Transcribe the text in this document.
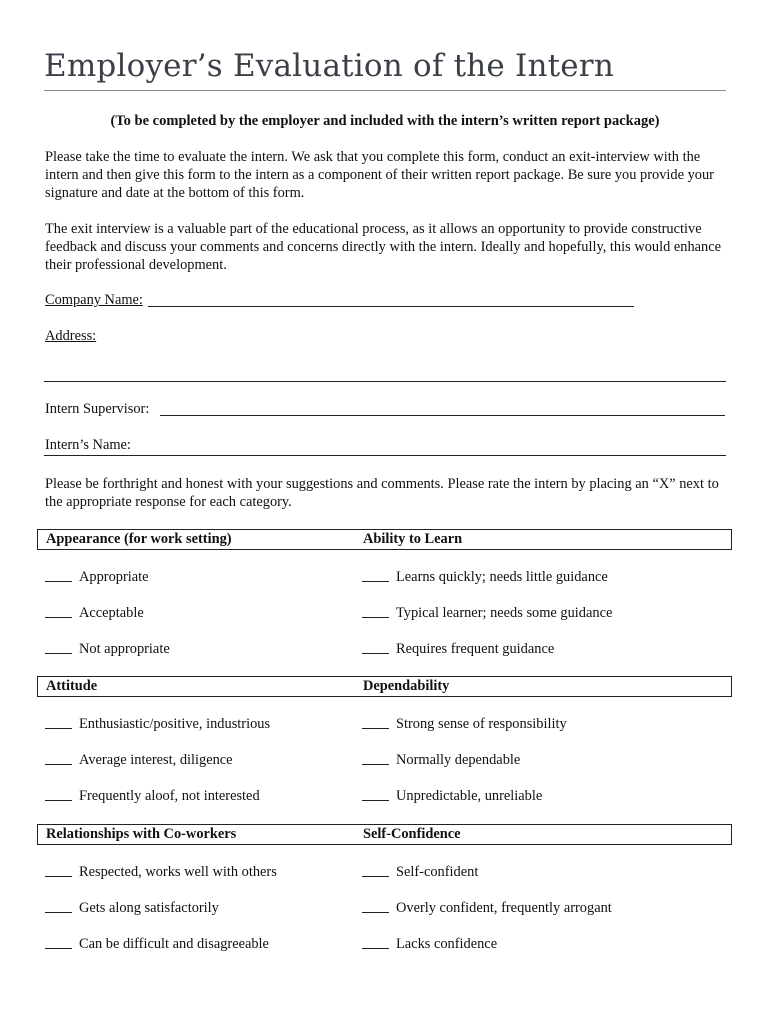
Employer’s Evaluation of the Intern
(To be completed by the employer and included with the intern’s written report package)
Please take the time to evaluate the intern. We ask that you complete this form, conduct an exit-interview with the intern and then give this form to the intern as a component of their written report package. Be sure you provide your signature and date at the bottom of this form.
The exit interview is a valuable part of the educational process, as it allows an opportunity to provide constructive feedback and discuss your comments and concerns directly with the intern. Ideally and hopefully, this would enhance their professional development.
Company Name:
Address:
Intern Supervisor:
Intern’s Name:
Please be forthright and honest with your suggestions and comments. Please rate the intern by placing an “X” next to the appropriate response for each category.
Appearance (for work setting)	Ability to Learn
Appropriate	Learns quickly; needs little guidance
Acceptable	Typical learner; needs some guidance
Not appropriate	Requires frequent guidance
Attitude	Dependability
Enthusiastic/positive, industrious	Strong sense of responsibility
Average interest, diligence	Normally dependable
Frequently aloof, not interested	Unpredictable, unreliable
Relationships with Co-workers	Self-Confidence
Respected, works well with others	Self-confident
Gets along satisfactorily	Overly confident, frequently arrogant
Can be difficult and disagreeable	Lacks confidence
